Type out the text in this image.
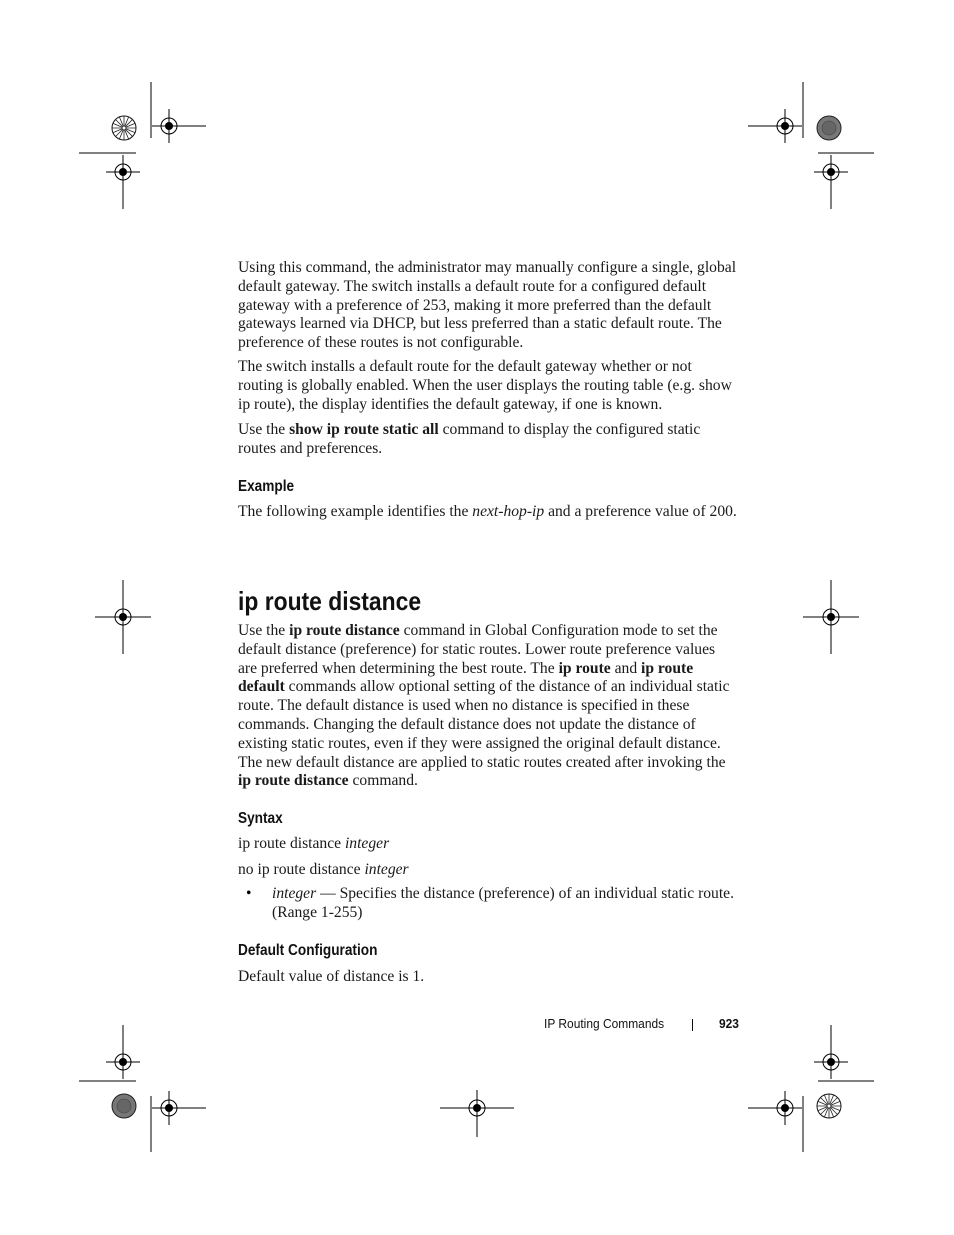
Using this command, the administrator may manually configure a single, global default gateway. The switch installs a default route for a configured default gateway with a preference of 253, making it more preferred than the default gateways learned via DHCP, but less preferred than a static default route. The preference of these routes is not configurable.

The switch installs a default route for the default gateway whether or not routing is globally enabled. When the user displays the routing table (e.g. show ip route), the display identifies the default gateway, if one is known.

Use the show ip route static all command to display the configured static routes and preferences.

Example

The following example identifies the next-hop-ip and a preference value of 200.

ip route distance

Use the ip route distance command in Global Configuration mode to set the default distance (preference) for static routes. Lower route preference values are preferred when determining the best route. The ip route and ip route default commands allow optional setting of the distance of an individual static route. The default distance is used when no distance is specified in these commands. Changing the default distance does not update the distance of existing static routes, even if they were assigned the original default distance. The new default distance are applied to static routes created after invoking the ip route distance command.

Syntax

ip route distance integer

no ip route distance integer

• integer — Specifies the distance (preference) of an individual static route. (Range 1-255)

Default Configuration

Default value of distance is 1.

IP Routing Commands	923
